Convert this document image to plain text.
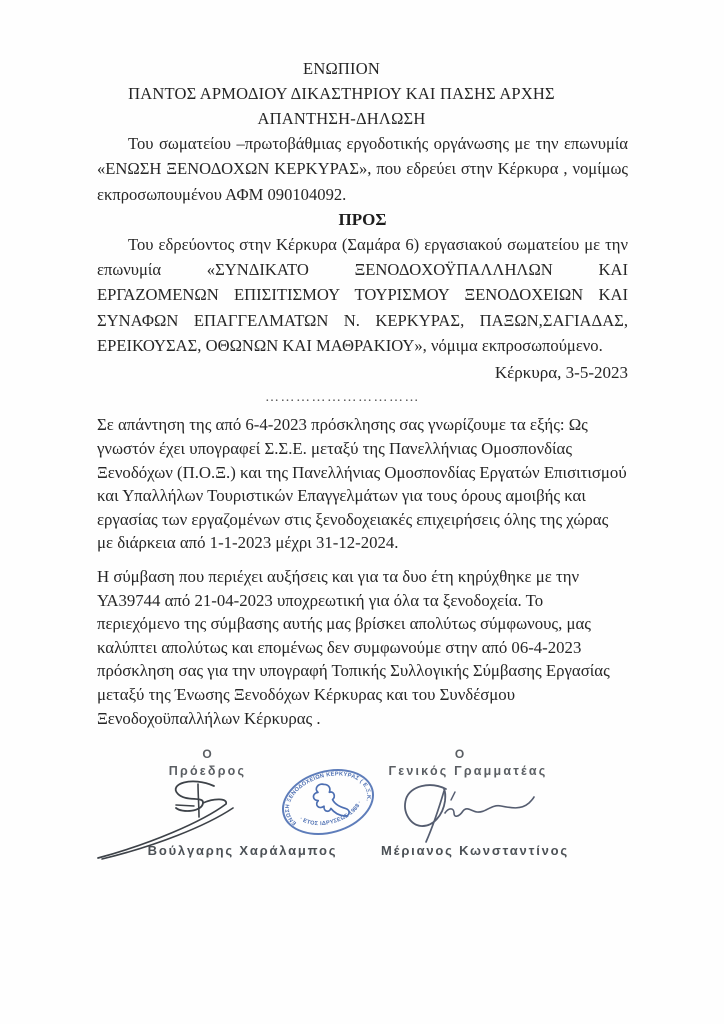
ΕΝΩΠΙΟΝ
ΠΑΝΤΟΣ ΑΡΜΟΔΙΟΥ ΔΙΚΑΣΤΗΡΙΟΥ ΚΑΙ ΠΑΣΗΣ ΑΡΧΗΣ
ΑΠΑΝΤΗΣΗ-ΔΗΛΩΣΗ

Του σωματείου –πρωτοβάθμιας εργοδοτικής οργάνωσης με την επωνυμία «ΕΝΩΣΗ ΞΕΝΟΔΟΧΩΝ ΚΕΡΚΥΡΑΣ», που εδρεύει στην Κέρκυρα , νομίμως εκπροσωπουμένου ΑΦΜ 090104092.

ΠΡΟΣ

Του εδρεύοντος στην Κέρκυρα (Σαμάρα 6) εργασιακού σωματείου με την επωνυμία «ΣΥΝΔΙΚΑΤΟ ΞΕΝΟΔΟΧΟΫΠΑΛΛΗΛΩΝ ΚΑΙ ΕΡΓΑΖΟΜΕΝΩΝ ΕΠΙΣΙΤΙΣΜΟΥ ΤΟΥΡΙΣΜΟΥ ΞΕΝΟΔΟΧΕΙΩΝ ΚΑΙ ΣΥΝΑΦΩΝ ΕΠΑΓΓΕΛΜΑΤΩΝ Ν. ΚΕΡΚΥΡΑΣ, ΠΑΞΩΝ,ΣΑΓΙΑΔΑΣ, ΕΡΕΙΚΟΥΣΑΣ, ΟΘΩΝΩΝ ΚΑΙ ΜΑΘΡΑΚΙΟΥ», νόμιμα εκπροσωπούμενο.

Κέρκυρα, 3-5-2023
…………………………

Σε απάντηση της από 6-4-2023 πρόσκλησης σας γνωρίζουμε τα εξής: Ως γνωστόν έχει υπογραφεί Σ.Σ.Ε. μεταξύ της Πανελλήνιας Ομοσπονδίας Ξενοδόχων (Π.Ο.Ξ.) και της Πανελλήνιας Ομοσπονδίας Εργατών Επισιτισμού και Υπαλλήλων Τουριστικών Επαγγελμάτων για τους όρους αμοιβής και εργασίας των εργαζομένων στις ξενοδοχειακές επιχειρήσεις όλης της χώρας με διάρκεια από 1-1-2023 μέχρι 31-12-2024.

Η σύμβαση που περιέχει αυξήσεις και για τα δυο έτη κηρύχθηκε με την ΥΑ39744 από 21-04-2023 υποχρεωτική για όλα τα ξενοδοχεία. Το περιεχόμενο της σύμβασης αυτής μας βρίσκει απολύτως σύμφωνους, μας καλύπτει απολύτως και επομένως δεν συμφωνούμε στην από 06-4-2023 πρόσκληση σας για την υπογραφή Τοπικής Συλλογικής Σύμβασης Εργασίας μεταξύ της Ένωσης Ξενοδόχων Κέρκυρας και του Συνδέσμου Ξενοδοχοϋπαλλήλων Κέρκυρας .

Ο
Πρόεδρος
Βούλγαρης Χαράλαμπος
ΕΝΩΣΗ ΞΕΝΟΔΟΧΕΙΩΝ ΚΕΡΚΥΡΑΣ ( Ε.Ξ.Κ.)
· ΕΤΟΣ ΙΔΡΥΣΕΩΣ 1988 ·
Ο
Γενικός Γραμματέας
Μέριανος Κωνσταντίνος
